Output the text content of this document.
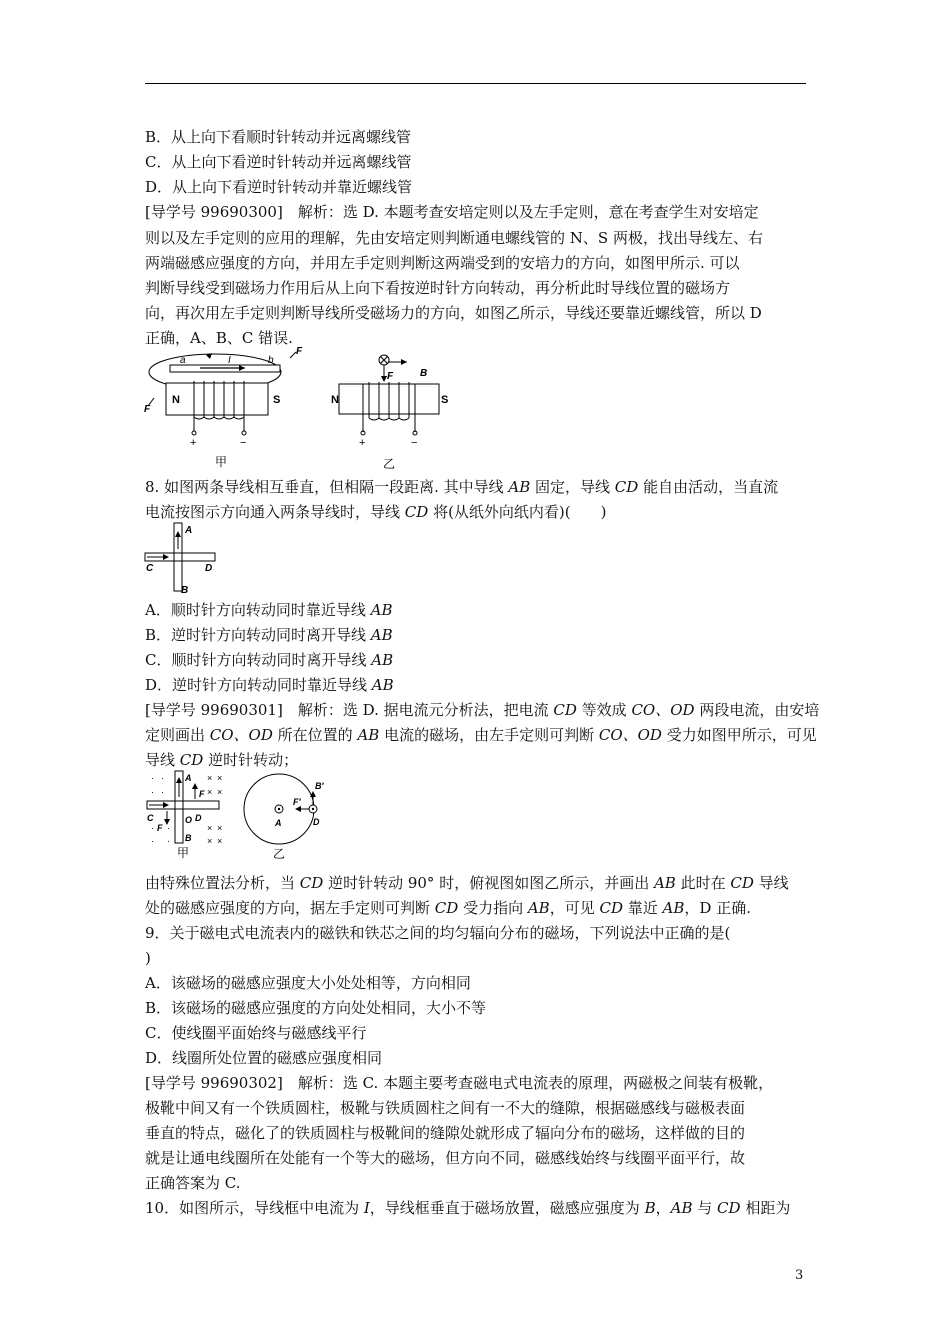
B．从上向下看顺时针转动并远离螺线管
C．从上向下看逆时针转动并远离螺线管
D．从上向下看逆时针转动并靠近螺线管
[导学号 99690300]　解析：选 D. 本题考查安培定则以及左手定则，意在考查学生对安培定
则以及左手定则的应用的理解，先由安培定则判断通电螺线管的 N、S 两极，找出导线左、右
两端磁感应强度的方向，并用左手定则判断这两端受到的安培力的方向，如图甲所示. 可以
判断导线受到磁场力作用后从上向下看按逆时针方向转动，再分析此时导线位置的磁场方
向，再次用左手定则判断导线所受磁场力的方向，如图乙所示，导线还要靠近螺线管，所以 D
正确，A、B、C 错误.
a	I	b
F
F
N	S
+	−
甲
F	B
N	S
+	−
乙
8. 如图两条导线相互垂直，但相隔一段距离. 其中导线 AB 固定，导线 CD 能自由活动，当直流
电流按图示方向通入两条导线时，导线 CD 将(从纸外向纸内看)(　　)
A
B
C	D
A．顺时针方向转动同时靠近导线 AB
B．逆时针方向转动同时离开导线 AB
C．顺时针方向转动同时离开导线 AB
D．逆时针方向转动同时靠近导线 AB
[导学号 99690301]　解析：选 D. 据电流元分析法，把电流 CD 等效成 CO、OD 两段电流，由安培
定则画出 CO、OD 所在位置的 AB 电流的磁场，由左手定则可判断 CO、OD 受力如图甲所示，可见
导线 CD 逆时针转动；
· ·	× ×
· ·	× ×
· ·	× ×
· ·	× ×
A
B
C	D
O
F
F
甲
A	D
F′
B′
乙
由特殊位置法分析，当 CD 逆时针转动 90° 时，俯视图如图乙所示，并画出 AB 此时在 CD 导线
处的磁感应强度的方向，据左手定则可判断 CD 受力指向 AB，可见 CD 靠近 AB，D 正确.
9．关于磁电式电流表内的磁铁和铁芯之间的均匀辐向分布的磁场，下列说法中正确的是(
)
A．该磁场的磁感应强度大小处处相等，方向相同
B．该磁场的磁感应强度的方向处处相同，大小不等
C．使线圈平面始终与磁感线平行
D．线圈所处位置的磁感应强度相同
[导学号 99690302]　解析：选 C. 本题主要考查磁电式电流表的原理，两磁极之间装有极靴，
极靴中间又有一个铁质圆柱，极靴与铁质圆柱之间有一不大的缝隙，根据磁感线与磁极表面
垂直的特点，磁化了的铁质圆柱与极靴间的缝隙处就形成了辐向分布的磁场，这样做的目的
就是让通电线圈所在处能有一个等大的磁场，但方向不同，磁感线始终与线圈平面平行，故
正确答案为 C.
10．如图所示，导线框中电流为 I，导线框垂直于磁场放置，磁感应强度为 B，AB 与 CD 相距为
3
